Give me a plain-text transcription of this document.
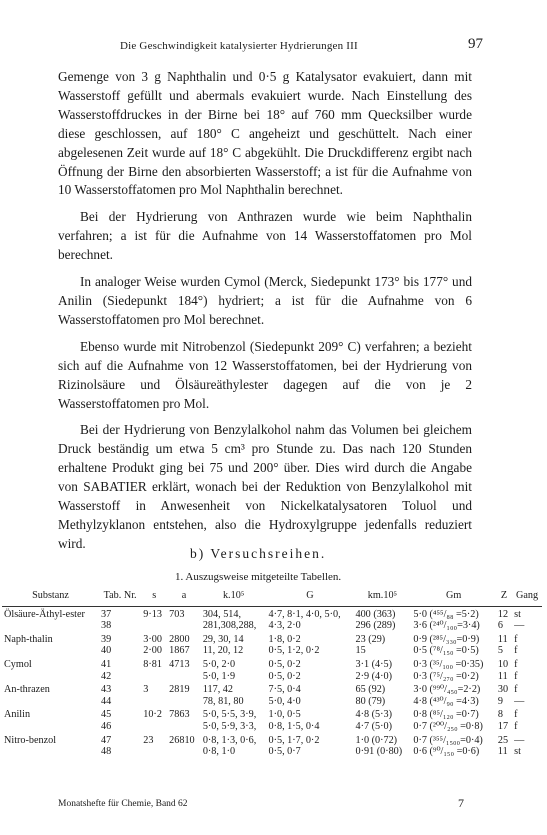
Die Geschwindigkeit katalysierter Hydrierungen III	97

Gemenge von 3 g Naphthalin und 0·5 g Katalysator evakuiert, dann mit Wasserstoff gefüllt und abermals evakuiert wurde. Nach Einstellung des Wasserstoffdruckes in der Birne bei 18° auf 760 mm Quecksilber wurde diese geschlossen, auf 180° C angeheizt und geschüttelt. Nach einer abgelesenen Zeit wurde auf 18° C abgekühlt. Die Druckdifferenz ergibt nach Öffnung der Birne den absorbierten Wasserstoff; a ist für die Aufnahme von 10 Wasserstoffatomen pro Mol Naphthalin berechnet.

Bei der Hydrierung von Anthrazen wurde wie beim Naphthalin verfahren; a ist für die Aufnahme von 14 Wasserstoffatomen pro Mol berechnet.

In analoger Weise wurden Cymol (Merck, Siedepunkt 173° bis 177° und Anilin (Siedepunkt 184°) hydriert; a ist für die Aufnahme von 6 Wasserstoffatomen pro Mol berechnet.

Ebenso wurde mit Nitrobenzol (Siedepunkt 209° C) verfahren; a bezieht sich auf die Aufnahme von 12 Wasserstoffatomen, bei der Hydrierung von Rizinolsäure und Ölsäureäthylester dagegen auf die von je 2 Wasserstoffatomen pro Mol.

Bei der Hydrierung von Benzylalkohol nahm das Volumen bei gleichem Druck beständig um etwa 5 cm³ pro Stunde zu. Das nach 120 Stunden erhaltene Produkt ging bei 75 und 200° über. Dies wird durch die Angabe von SABATIER erklärt, wonach bei der Reduktion von Benzylalkohol mit Wasserstoff in Anwesenheit von Nickelkatalysatoren Toluol und Methylzyklanon entstehen, also die Hydroxylgruppe jedenfalls reduziert wird.

b) Versuchsreihen.
1. Auszugsweise mitgeteilte Tabellen.
Substanz	Tab. Nr.	s	a	k.10⁵	G	km.10⁵	Gm	Z	Gang
Ölsäure-Äthyl-ester	37	9·13	703	304, 514,	4·7, 8·1, 4·0, 5·0,	400 (363)	5·0 (⁴⁵⁵/₈₈ =5·2)	12	st
	38			281,308,288,	4·3, 2·0	296 (289)	3·6 (²⁴⁰/₁₀₀=3·4)	6	—
Naph-thalin	39	3·00	2800	29, 30, 14	1·8, 0·2	23 (29)	0·9 (²⁸⁵/₃₃₀=0·9)	11	f
	40	2·00	1867	11, 20, 12	0·5, 1·2, 0·2	15	0·5 (⁷⁸/₁₅₀ =0·5)	5	f
Cymol	41	8·81	4713	5·0, 2·0	0·5, 0·2	3·1 (4·5)	0·3 (³⁵/₁₀₀ =0·35)	10	f
	42			5·0, 1·9	0·5, 0·2	2·9 (4·0)	0·3 (⁷⁵/₂₇₀ =0·2)	11	f
An-thrazen	43	3	2819	117, 42	7·5, 0·4	65 (92)	3·0 (⁹⁹⁰/₄₅₀=2·2)	30	f
	44			78, 81, 80	5·0, 4·0	80 (79)	4·8 (⁴³⁰/₉₀ =4·3)	9	—
Anilin	45	10·2	7863	5·0, 5·5, 3·9,	1·0, 0·5	4·8 (5·3)	0·8 (⁸⁵/₁₂₀ =0·7)	8	f
	46			5·0, 5·9, 3·3,	0·8, 1·5, 0·4	4·7 (5·0)	0·7 (²⁰⁰/₂₅₀ =0·8)	17	f
Nitro-benzol	47	23	26810	0·8, 1·3, 0·6,	0·5, 1·7, 0·2	1·0 (0·72)	0·7 (³⁵⁵/₁₅₀₀=0·4)	25	—
	48			0·8, 1·0	0·5, 0·7	0·91 (0·80)	0·6 (⁹⁰/₁₅₀ =0·6)	11	st
Monatshefte für Chemie, Band 62	7
